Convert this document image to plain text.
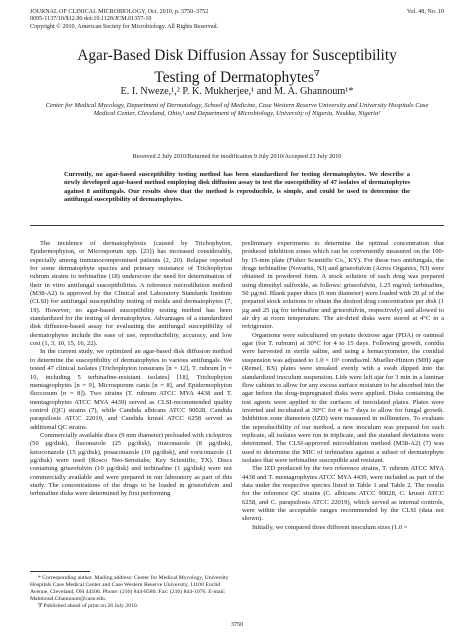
JOURNAL OF CLINICAL MICROBIOLOGY, Oct. 2010, p. 3750–3752
0095-1137/10/$12.00 doi:10.1128/JCM.01357-10
Copyright © 2010, American Society for Microbiology. All Rights Reserved.
Vol. 48, No. 10
Agar-Based Disk Diffusion Assay for Susceptibility
Testing of Dermatophytes∇
E. I. Nweze,¹,² P. K. Mukherjee,¹ and M. A. Ghannoum¹*
Center for Medical Mycology, Department of Dermatology, School of Medicine, Case Western Reserve University and University Hospitals Case Medical Center, Cleveland, Ohio,¹ and Department of Microbiology, University of Nigeria, Nsukka, Nigeria²
Received 2 July 2010/Returned for modification 9 July 2010/Accepted 23 July 2010
Currently, no agar-based susceptibility testing method has been standardized for testing dermatophytes. We describe a newly developed agar-based method employing disk diffusion assay to test the susceptibility of 47 isolates of dermatophytes against 8 antifungals. Our results show that the method is reproducible, is simple, and could be used to determine the antifungal susceptibility of dermatophytes.

The incidence of dermatophytosis (caused by Trichophyton, Epidermophyton, or Microsporum spp. [23]) has increased considerably, especially among immunocompromised patients (2, 20). Relapse reported for some dermatophyte species and primary resistance of Trichophyton rubrum strains to terbinafine (18) underscore the need for determination of their in vitro antifungal susceptibilities. A reference microdilution method (M38-A2) is approved by the Clinical and Laboratory Standards Institute (CLSI) for antifungal susceptibility testing of molds and dermatophytes (7, 19). However, no agar-based susceptibility testing method has been standardized for the testing of dermatophytes. Advantages of a standardized disk diffusion-based assay for evaluating the antifungal susceptibility of dermatophytes include the ease of use, reproducibility, accuracy, and low cost (1, 3, 10, 15, 16, 22).

In the current study, we optimized an agar-based disk diffusion method to determine the susceptibility of dermatophytes to various antifungals. We tested 47 clinical isolates (Trichophyton tonsurans [n = 12], T. rubrum [n = 10, including 5 terbinafine-resistant isolates] [18], Trichophyton mentagrophytes [n = 9], Microsporum canis [n = 8], and Epidermophyton floccosum [n = 8]). Two strains (T. rubrum ATCC MYA 4438 and T. mentagrophytes ATCC MYA 4439) served as CLSI-recommended quality control (QC) strains (7), while Candida albicans ATCC 90028, Candida parapsilosis ATCC 22019, and Candida krusei ATCC 6258 served as additional QC strains.

Commercially available discs (9 mm diameter) preloaded with ciclopirox (50 µg/disk), fluconazole (25 µg/disk), itraconazole (8 µg/disk), ketoconazole (15 µg/disk), posaconazole (10 µg/disk), and voriconazole (1 µg/disk) were used (Rosco Neo-Sensitabs; Key Scientific, TX). Discs containing griseofulvin (10 µg/disk) and terbinafine (1 µg/disk) were not commercially available and were prepared in our laboratory as part of this study. The concentrations of the drugs to be loaded in griseofulvin and terbinafine disks were determined by first performing

preliminary experiments to determine the optimal concentration that produced inhibition zones which can be conveniently measured on the 100- by 15-mm plate (Fisher Scientific Co., KY). For these two antifungals, the drugs terbinafine (Novartis, NJ) and griseofulvin (Acros Organics, NJ) were obtained in powdered form. A stock solution of each drug was prepared using dimethyl sulfoxide, as follows: griseofulvin, 1.25 mg/ml; terbinafine, 50 µg/ml. Blank paper discs (6 mm diameter) were loaded with 20 µl of the prepared stock solutions to obtain the desired drug concentration per disk (1 µg and 25 µg for terbinafine and griseofulvin, respectively) and allowed to air dry at room temperature. The air-dried disks were stored at 4°C in a refrigerator.

Organisms were subcultured on potato dextrose agar (PDA) or oatmeal agar (for T. rubrum) at 30°C for 4 to 15 days. Following growth, conidia were harvested in sterile saline, and using a hemacytometer, the conidial suspension was adjusted to 1.0 × 10⁶ conidia/ml. Mueller-Hinton (MH) agar (Remel, KS) plates were streaked evenly with a swab dipped into the standardized inoculum suspension. Lids were left ajar for 3 min in a laminar flow cabinet to allow for any excess surface moisture to be absorbed into the agar before the drug-impregnated disks were applied. Disks containing the test agents were applied to the surfaces of inoculated plates. Plates were inverted and incubated at 30°C for 4 to 7 days to allow for fungal growth. Inhibition zone diameters (IZD) were measured in millimeters. To evaluate the reproducibility of our method, a new inoculum was prepared for each replicate, all isolates were run in triplicate, and the standard deviations were determined. The CLSI-approved microdilution method (M38-A2) (7) was used to determine the MIC of terbinafine against a subset of dermatophyte isolates that were terbinafine susceptible and resistant.

The IZD produced by the two reference strains, T. rubrum ATCC MYA 4438 and T. mentagrophytes ATCC MYA 4439, were included as part of the data under the respective species listed in Table 1 and Table 2. The results for the reference QC strains (C. albicans ATCC 90028, C. krusei ATCC 6258, and C. parapsilosis ATCC 22019), which served as internal controls, were within the acceptable ranges recommended by the CLSI (data not shown).

Initially, we compared three different inoculum sizes (1.0 ×

* Corresponding author. Mailing address: Center for Medical Mycology, University Hospitals Case Medical Center and Case Western Reserve University, 11100 Euclid Avenue, Cleveland, OH 44106. Phone: (216) 844-8580. Fax: (216) 844-1076. E-mail: Mahmoud.Ghannoum@case.edu.

∇ Published ahead of print on 28 July 2010.

3750
